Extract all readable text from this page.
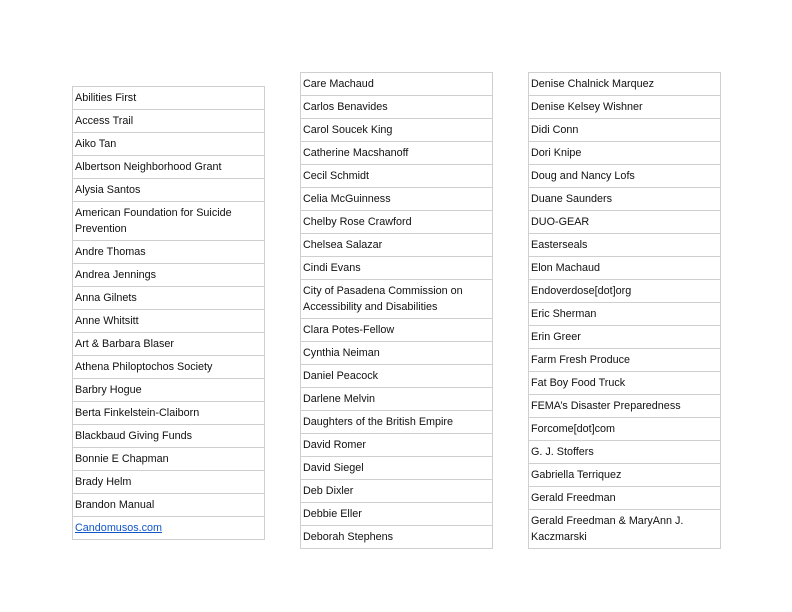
Abilities First
Access Trail
Aiko Tan
Albertson Neighborhood Grant
Alysia Santos
American Foundation for Suicide Prevention
Andre Thomas
Andrea Jennings
Anna Gilnets
Anne Whitsitt
Art & Barbara Blaser
Athena Philoptochos Society
Barbry Hogue
Berta Finkelstein-Claiborn
Blackbaud Giving Funds
Bonnie E Chapman
Brady Helm
Brandon Manual
Candomusos.com
Care Machaud
Carlos Benavides
Carol Soucek King
Catherine Macshanoff
Cecil Schmidt
Celia McGuinness
Chelby Rose Crawford
Chelsea Salazar
Cindi Evans
City of Pasadena Commission on Accessibility and Disabilities
Clara Potes-Fellow
Cynthia Neiman
Daniel Peacock
Darlene Melvin
Daughters of the British Empire
David Romer
David Siegel
Deb Dixler
Debbie Eller
Deborah Stephens
Denise Chalnick Marquez
Denise Kelsey Wishner
Didi Conn
Dori Knipe
Doug and Nancy Lofs
Duane Saunders
DUO-GEAR
Easterseals
Elon Machaud
Endoverdose[dot]org
Eric Sherman
Erin Greer
Farm Fresh Produce
Fat Boy Food Truck
FEMA’s Disaster Preparedness
Forcome[dot]com
G. J. Stoffers
Gabriella Terriquez
Gerald Freedman
Gerald Freedman & MaryAnn J. Kaczmarski
